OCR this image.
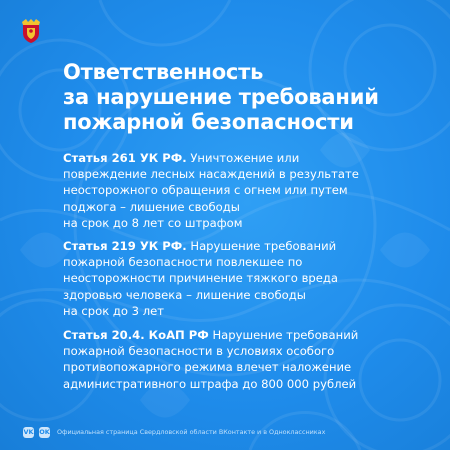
Ответственность
за нарушение требований
пожарной безопасности

Статья 261 УК РФ. Уничтожение или
повреждение лесных насаждений в результате
неосторожного обращения с огнем или путем
поджога – лишение свободы
на срок до 8 лет со штрафом

Статья 219 УК РФ. Нарушение требований
пожарной безопасности повлекшее по
неосторожности причинение тяжкого вреда
здоровью человека – лишение свободы
на срок до 3 лет

Статья 20.4. КоАП РФ Нарушение требований
пожарной безопасности в условиях особого
противопожарного режима влечет наложение
административного штрафа до 800 000 рублей

VK OK Официальная страница Свердловской области ВКонтакте и в Одноклассниках
